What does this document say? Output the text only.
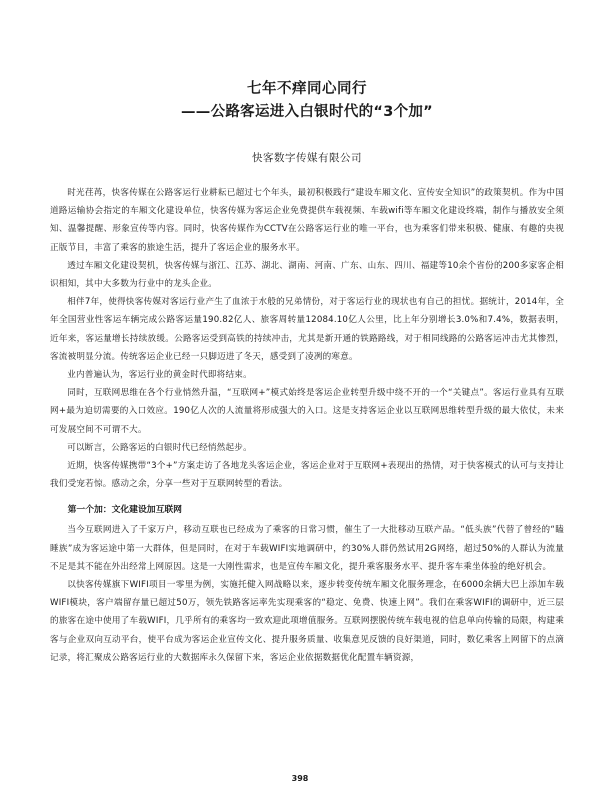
七年不痒同心同行
——公路客运进入白银时代的“3个加”
快客数字传媒有限公司

时光荏苒，快客传媒在公路客运行业耕耘已超过七个年头，最初积极践行“建设车厢文化、宣传安全知识”的政策契机。作为中国道路运输协会指定的车厢文化建设单位，快客传媒为客运企业免费提供车载视频、车载wifi等车厢文化建设终端，制作与播放安全须知、温馨提醒、形象宣传等内容。同时，快客传媒作为CCTV在公路客运行业的唯一平台，也为乘客们带来积极、健康、有趣的央视正版节目，丰富了乘客的旅途生活，提升了客运企业的服务水平。

透过车厢文化建设契机，快客传媒与浙江、江苏、湖北、湖南、河南、广东、山东、四川、福建等10余个省份的200多家客企相识相知，其中大多数为行业中的龙头企业。

相伴7年，使得快客传媒对客运行业产生了血浓于水般的兄弟情份，对于客运行业的现状也有自己的担忧。据统计，2014年，全年全国营业性客运车辆完成公路客运量190.82亿人、旅客周转量12084.10亿人公里，比上年分别增长3.0%和7.4%，数据表明，近年来，客运量增长持续放缓。公路客运受到高铁的持续冲击，尤其是新开通的铁路路线，对于相同线路的公路客运冲击尤其惨烈，客流被明显分流。传统客运企业已经一只脚迈进了冬天，感受到了凌冽的寒意。

业内普遍认为，客运行业的黄金时代即将结束。

同时，互联网思维在各个行业悄然升温，“互联网+”模式始终是客运企业转型升级中绕不开的一个“关键点”。客运行业具有互联网+最为迫切需要的入口效应。190亿人次的人流量将形成强大的入口。这是支持客运企业以互联网思维转型升级的最大依仗，未来可发展空间不可谓不大。

可以断言，公路客运的白银时代已经悄然起步。

近期，快客传媒携带“3个+”方案走访了各地龙头客运企业，客运企业对于互联网+表现出的热情，对于快客模式的认可与支持让我们受宠若惊。感动之余，分享一些对于互联网转型的看法。

第一个加：文化建设加互联网

当今互联网进入了千家万户，移动互联也已经成为了乘客的日常习惯，催生了一大批移动互联产品。“低头族”代替了曾经的“瞌睡族”成为客运途中第一大群体，但是同时，在对于车载WIFI实地调研中，约30%人群仍然试用2G网络，超过50%的人群认为流量不足是其不能在外出经常上网原因。这是一大刚性需求，也是宣传车厢文化，提升乘客服务水平、提升客车乘坐体验的绝好机会。

以快客传媒旗下WIFI项目一零里为例，实施托健入网战略以来，逐步转变传统车厢文化服务理念，在6000余辆大巴上添加车载WIFI模块，客户端留存量已超过50万，领先铁路客运率先实现乘客的“稳定、免费、快速上网”。我们在乘客WIFI的调研中，近三层的旅客在途中使用了车载WIFI，几乎所有的乘客均一致欢迎此项增值服务。互联网摆脱传统车载电视的信息单向传输的局限，构建乘客与企业双向互动平台，使平台成为客运企业宣传文化、提升服务质量、收集意见反馈的良好渠道，同时，数亿乘客上网留下的点滴记录，将汇聚成公路客运行业的大数据库永久保留下来，客运企业依据数据优化配置车辆资源，

398
